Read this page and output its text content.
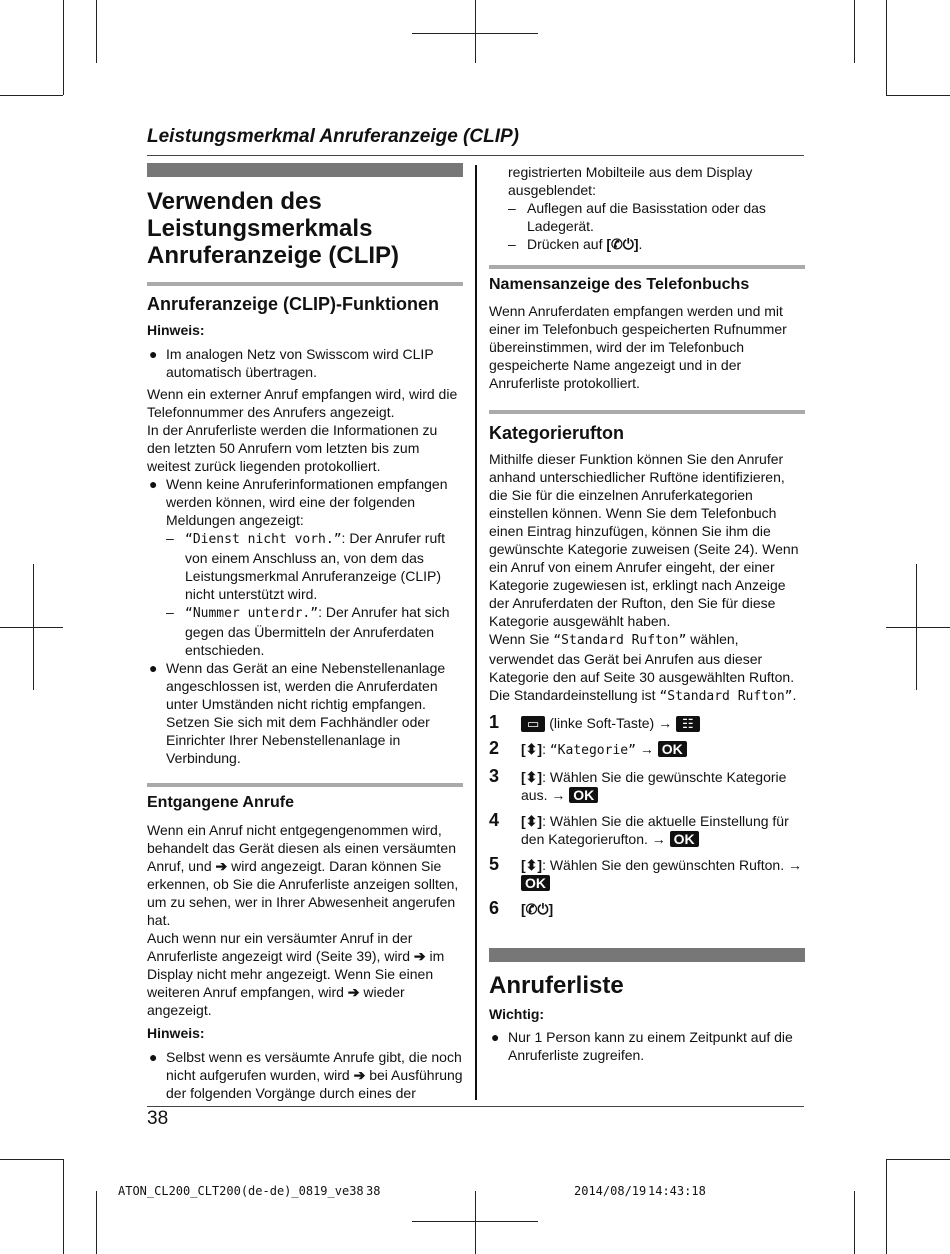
Leistungsmerkmal Anruferanzeige (CLIP)
Verwenden des
Leistungsmerkmals
Anruferanzeige (CLIP)
Anruferanzeige (CLIP)-Funktionen

Hinweis:

● Im analogen Netz von Swisscom wird CLIP automatisch übertragen.

Wenn ein externer Anruf empfangen wird, wird die Telefonnummer des Anrufers angezeigt.

In der Anruferliste werden die Informationen zu den letzten 50 Anrufern vom letzten bis zum weitest zurück liegenden protokolliert.

● Wenn keine Anruferinformationen empfangen werden können, wird eine der folgenden Meldungen angezeigt:
– “Dienst nicht vorh.”: Der Anrufer ruft von einem Anschluss an, von dem das Leistungsmerkmal Anruferanzeige (CLIP) nicht unterstützt wird.
– “Nummer unterdr.”: Der Anrufer hat sich gegen das Übermitteln der Anruferdaten entschieden.
● Wenn das Gerät an eine Nebenstellenanlage angeschlossen ist, werden die Anruferdaten unter Umständen nicht richtig empfangen. Setzen Sie sich mit dem Fachhändler oder Einrichter Ihrer Nebenstellenanlage in Verbindung.
Entgangene Anrufe

Wenn ein Anruf nicht entgegengenommen wird, behandelt das Gerät diesen als einen versäumten Anruf, und ➔ wird angezeigt. Daran können Sie erkennen, ob Sie die Anruferliste anzeigen sollten, um zu sehen, wer in Ihrer Abwesenheit angerufen hat.

Auch wenn nur ein versäumter Anruf in der Anruferliste angezeigt wird (Seite 39), wird ➔ im Display nicht mehr angezeigt. Wenn Sie einen weiteren Anruf empfangen, wird ➔ wieder angezeigt.

Hinweis:

● Selbst wenn es versäumte Anrufe gibt, die noch nicht aufgerufen wurden, wird ➔ bei Ausführung der folgenden Vorgänge durch eines der
registrierten Mobilteile aus dem Display ausgeblendet:
– Auflegen auf die Basisstation oder das Ladegerät.
– Drücken auf [✆⏻].
Namensanzeige des Telefonbuchs

Wenn Anruferdaten empfangen werden und mit einer im Telefonbuch gespeicherten Rufnummer übereinstimmen, wird der im Telefonbuch gespeicherte Name angezeigt und in der Anruferliste protokolliert.

Kategorierufton

Mithilfe dieser Funktion können Sie den Anrufer anhand unterschiedlicher Ruftöne identifizieren, die Sie für die einzelnen Anruferkategorien einstellen können. Wenn Sie dem Telefonbuch einen Eintrag hinzufügen, können Sie ihm die gewünschte Kategorie zuweisen (Seite 24). Wenn ein Anruf von einem Anrufer eingeht, der einer Kategorie zugewiesen ist, erklingt nach Anzeige der Anruferdaten der Rufton, den Sie für diese Kategorie ausgewählt haben.

Wenn Sie “Standard Rufton” wählen, verwendet das Gerät bei Anrufen aus dieser Kategorie den auf Seite 30 ausgewählten Rufton. Die Standardeinstellung ist “Standard Rufton”.

1 ▭ (linke Soft-Taste) → ☷
2 [⬍]: “Kategorie” → OK
3 [⬍]: Wählen Sie die gewünschte Kategorie aus. → OK
4 [⬍]: Wählen Sie die aktuelle Einstellung für den Kategorierufton. → OK
5 [⬍]: Wählen Sie den gewünschten Rufton. → OK
6 [✆⏻]
Anruferliste

Wichtig:

● Nur 1 Person kann zu einem Zeitpunkt auf die Anruferliste zugreifen.
38
ATON_CL200_CLT200(de-de)_0819_ve38 38	2014/08/19 14:43:18
